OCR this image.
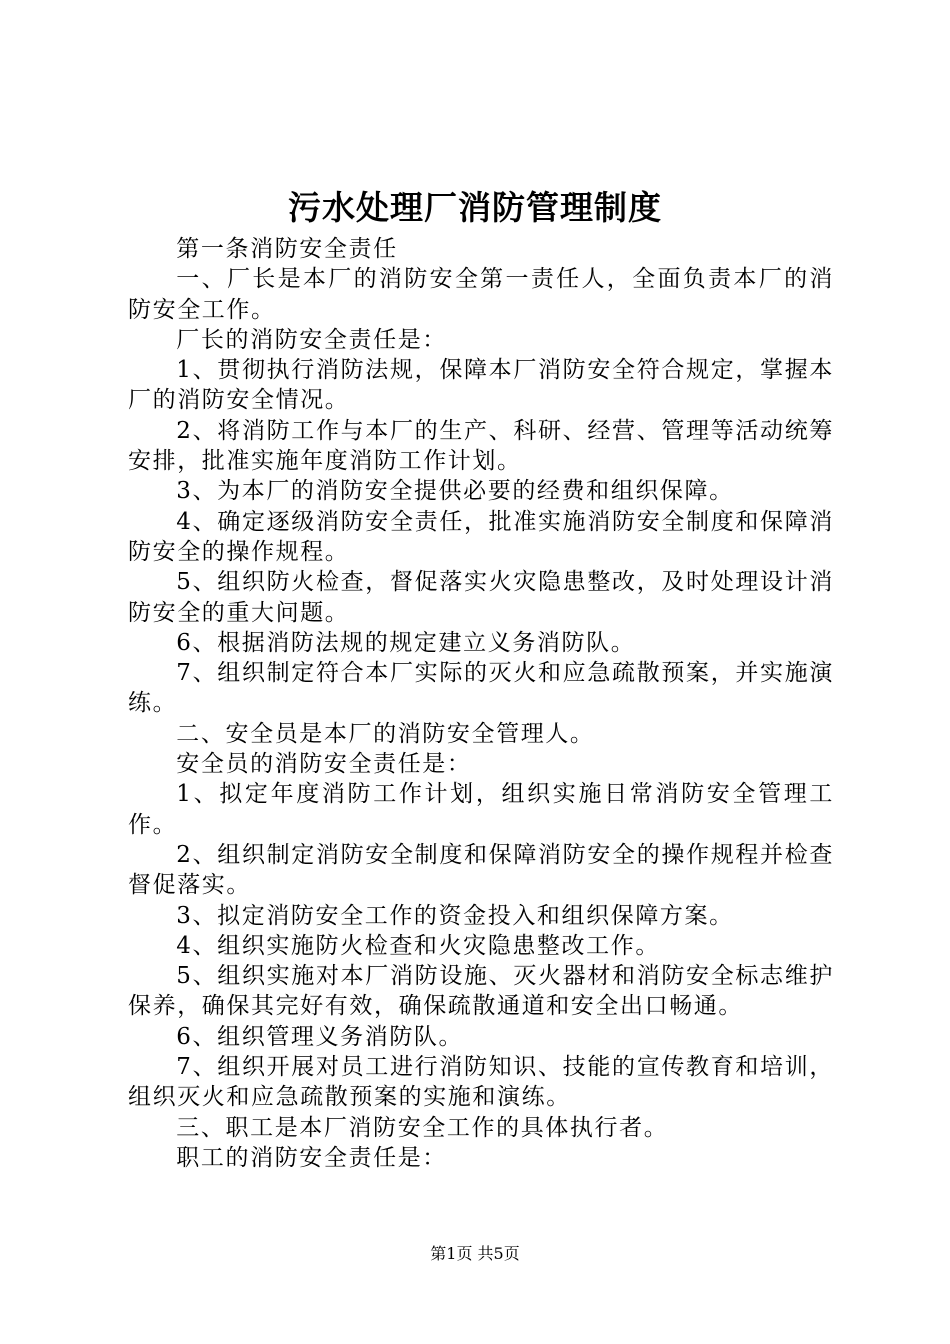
污水处理厂消防管理制度

第一条消防安全责任

一、厂长是本厂的消防安全第一责任人，全面负责本厂的消防安全工作。

厂长的消防安全责任是：

1、贯彻执行消防法规，保障本厂消防安全符合规定，掌握本厂的消防安全情况。

2、将消防工作与本厂的生产、科研、经营、管理等活动统筹安排，批准实施年度消防工作计划。

3、为本厂的消防安全提供必要的经费和组织保障。

4、确定逐级消防安全责任，批准实施消防安全制度和保障消防安全的操作规程。

5、组织防火检查，督促落实火灾隐患整改，及时处理设计消防安全的重大问题。

6、根据消防法规的规定建立义务消防队。

7、组织制定符合本厂实际的灭火和应急疏散预案，并实施演练。

二、安全员是本厂的消防安全管理人。

安全员的消防安全责任是：

1、拟定年度消防工作计划，组织实施日常消防安全管理工作。

2、组织制定消防安全制度和保障消防安全的操作规程并检查督促落实。

3、拟定消防安全工作的资金投入和组织保障方案。

4、组织实施防火检查和火灾隐患整改工作。

5、组织实施对本厂消防设施、灭火器材和消防安全标志维护保养，确保其完好有效，确保疏散通道和安全出口畅通。

6、组织管理义务消防队。

7、组织开展对员工进行消防知识、技能的宣传教育和培训，组织灭火和应急疏散预案的实施和演练。

三、职工是本厂消防安全工作的具体执行者。

职工的消防安全责任是：

第1页 共5页
